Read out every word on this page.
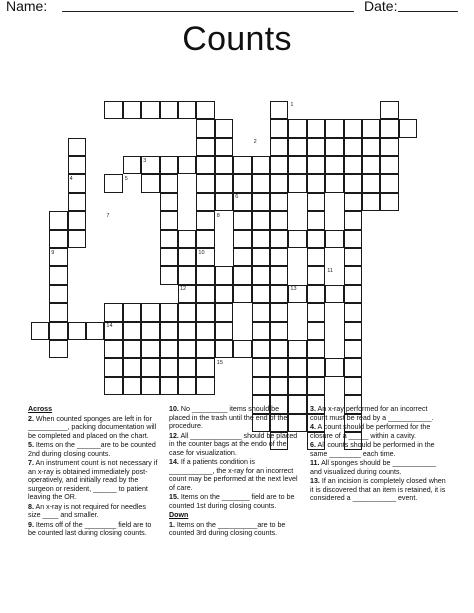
Name:	Date:
Counts
1
2
3
4	5
6
7	8
9	10
11
12	13
14
15
Across

2. When counted sponges are left in for __________, packing documentation will be completed and placed on the chart.

5. Items on the ______are to be counted 2nd during closing counts.

7. An instrument count is not necessary if an x-ray is obtained immediately post-operatively, and initially read by the surgeon or resident, ______ to patient leaving the OR.

8. An x-ray is not required for needles size ____ and smaller.

9. Items off of the ________ field are to be counted last during closing counts.

10. No _________ items should be placed in the trash until the end of the procedure.

12. All _____________ should be placed in the counter bags at the endo of the case for visualization.

14. If a patients condition is ___________, the x-ray for an incorrect count may be performed at the next level of care.

15. Items on the _______ field are to be counted 1st during closing counts.

Down

1. Items on the __________are to be counted 3rd during closing counts.

3. An x-ray performed for an incorrect count must be read by a ___________.

4. A count should be performed for the closure of a _____ within a cavity.

6. All counts should be performed in the same ________ each time.

11. All sponges should be ___________ and visualized during counts.

13. If an incision is completely closed when it is discovered that an item is retained, it is considered a ___________ event.
